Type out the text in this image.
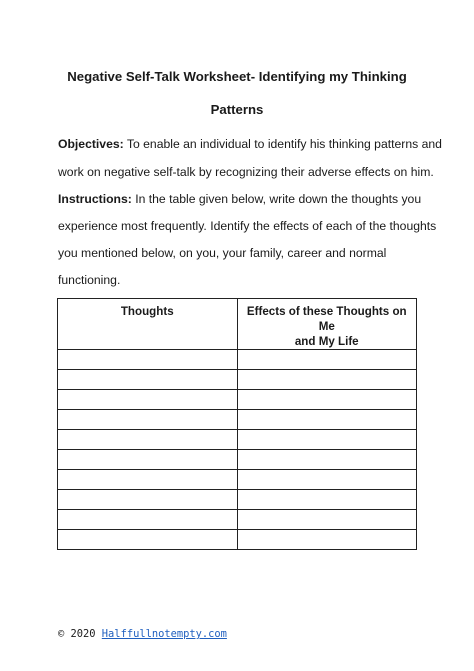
Negative Self-Talk Worksheet- Identifying my Thinking
Patterns
Objectives: To enable an individual to identify his thinking patterns and
work on negative self-talk by recognizing their adverse effects on him.
Instructions: In the table given below, write down the thoughts you
experience most frequently. Identify the effects of each of the thoughts
you mentioned below, on you, your family, career and normal
functioning.
Thoughts	Effects of these Thoughts on Me
and My Life

© 2020 Halffullnotempty.com
